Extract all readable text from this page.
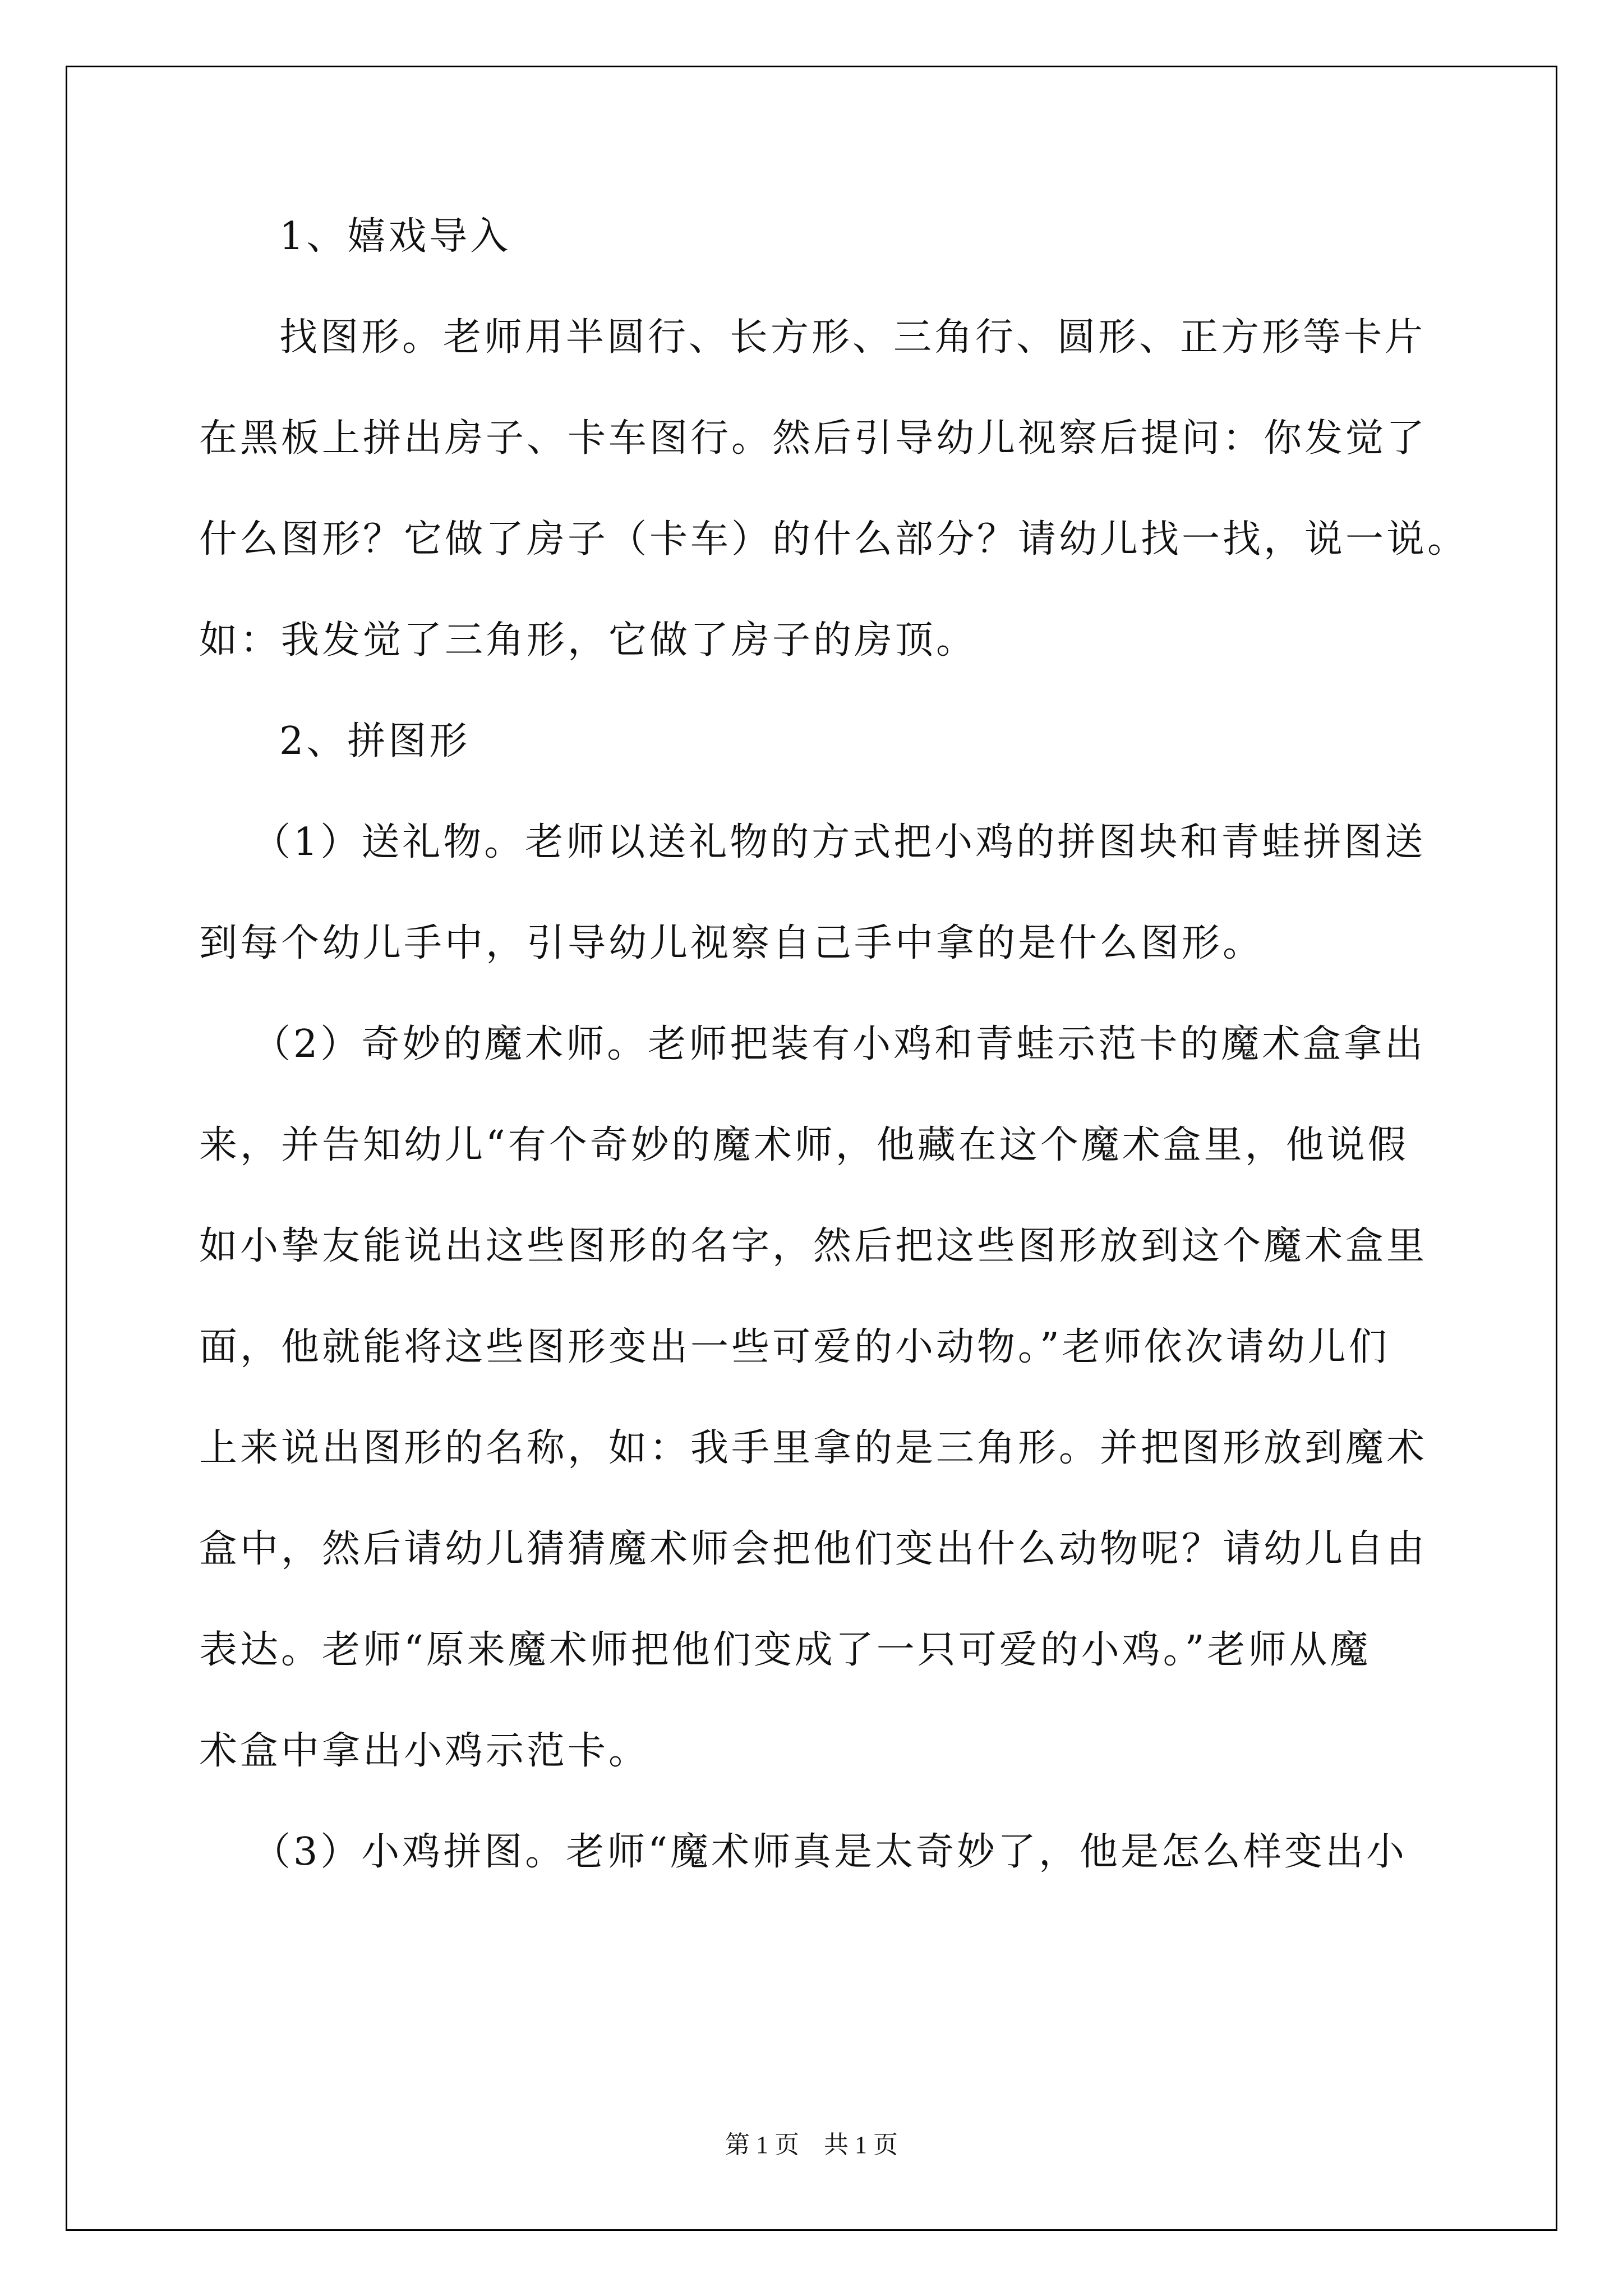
1、嬉戏导入
找图形。老师用半圆行、长方形、三角行、圆形、正方形等卡片
在黑板上拼出房子、卡车图行。然后引导幼儿视察后提问：你发觉了
什么图形？它做了房子（卡车）的什么部分？请幼儿找一找，说一说。
如：我发觉了三角形，它做了房子的房顶。
2、拼图形
（1）送礼物。老师以送礼物的方式把小鸡的拼图块和青蛙拼图送
到每个幼儿手中，引导幼儿视察自己手中拿的是什么图形。
（2）奇妙的魔术师。老师把装有小鸡和青蛙示范卡的魔术盒拿出
来，并告知幼儿“有个奇妙的魔术师，他藏在这个魔术盒里，他说假
如小挚友能说出这些图形的名字，然后把这些图形放到这个魔术盒里
面，他就能将这些图形变出一些可爱的小动物。”老师依次请幼儿们
上来说出图形的名称，如：我手里拿的是三角形。并把图形放到魔术
盒中，然后请幼儿猜猜魔术师会把他们变出什么动物呢？请幼儿自由
表达。老师“原来魔术师把他们变成了一只可爱的小鸡。”老师从魔
术盒中拿出小鸡示范卡。
（3）小鸡拼图。老师“魔术师真是太奇妙了，他是怎么样变出小
第 1 页　共 1 页
